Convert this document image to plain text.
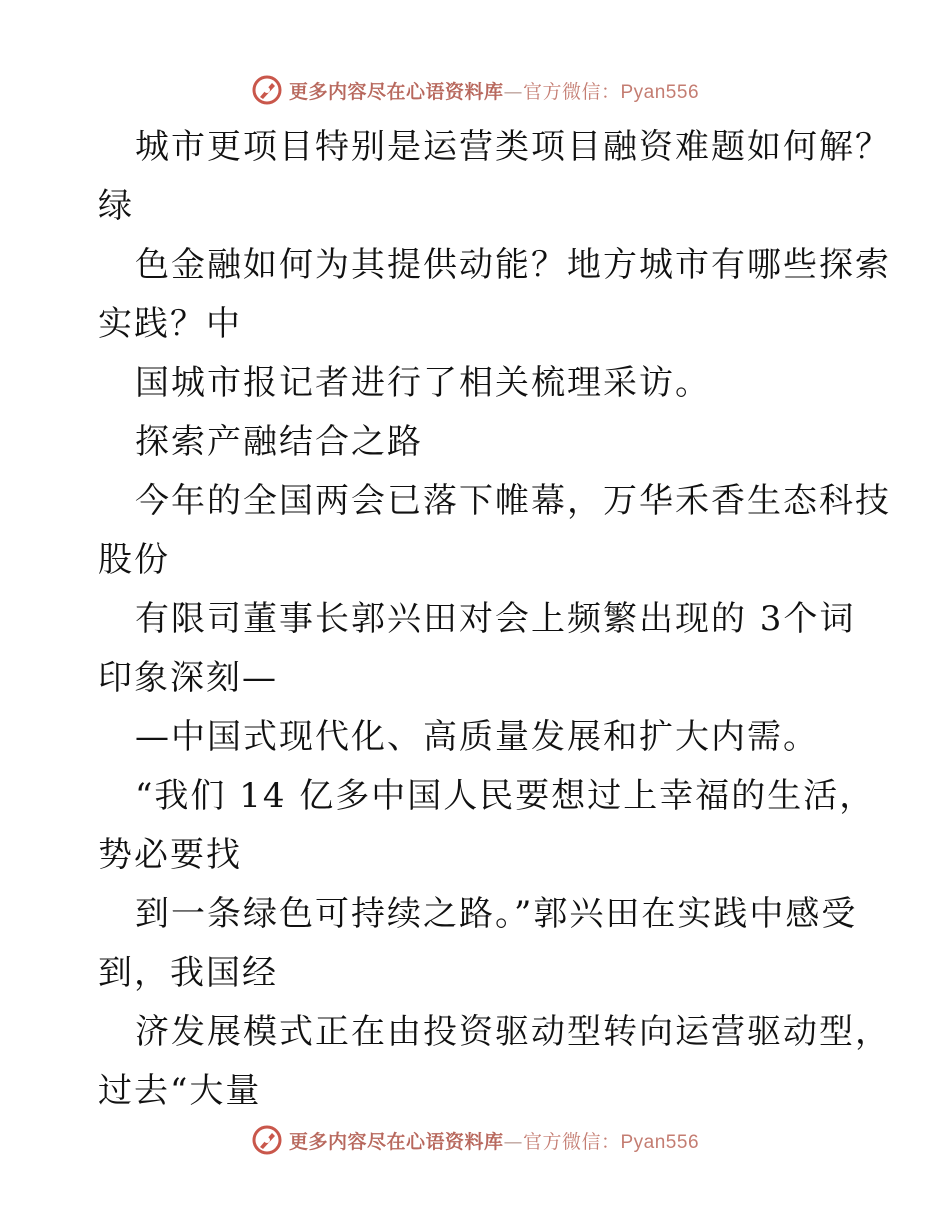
更多内容尽在心语资料库—官方微信：Pyan556
城市更项目特别是运营类项目融资难题如何解？
绿
色金融如何为其提供动能？地方城市有哪些探索
实践？中
国城市报记者进行了相关梳理采访。
探索产融结合之路
今年的全国两会已落下帷幕，万华禾香生态科技
股份
有限司董事长郭兴田对会上频繁出现的 3个词
印象深刻—
—中国式现代化、高质量发展和扩大内需。
“我们 14 亿多中国人民要想过上幸福的生活，
势必要找
到一条绿色可持续之路。”郭兴田在实践中感受
到，我国经
济发展模式正在由投资驱动型转向运营驱动型，
过去“大量
更多内容尽在心语资料库—官方微信：Pyan556
